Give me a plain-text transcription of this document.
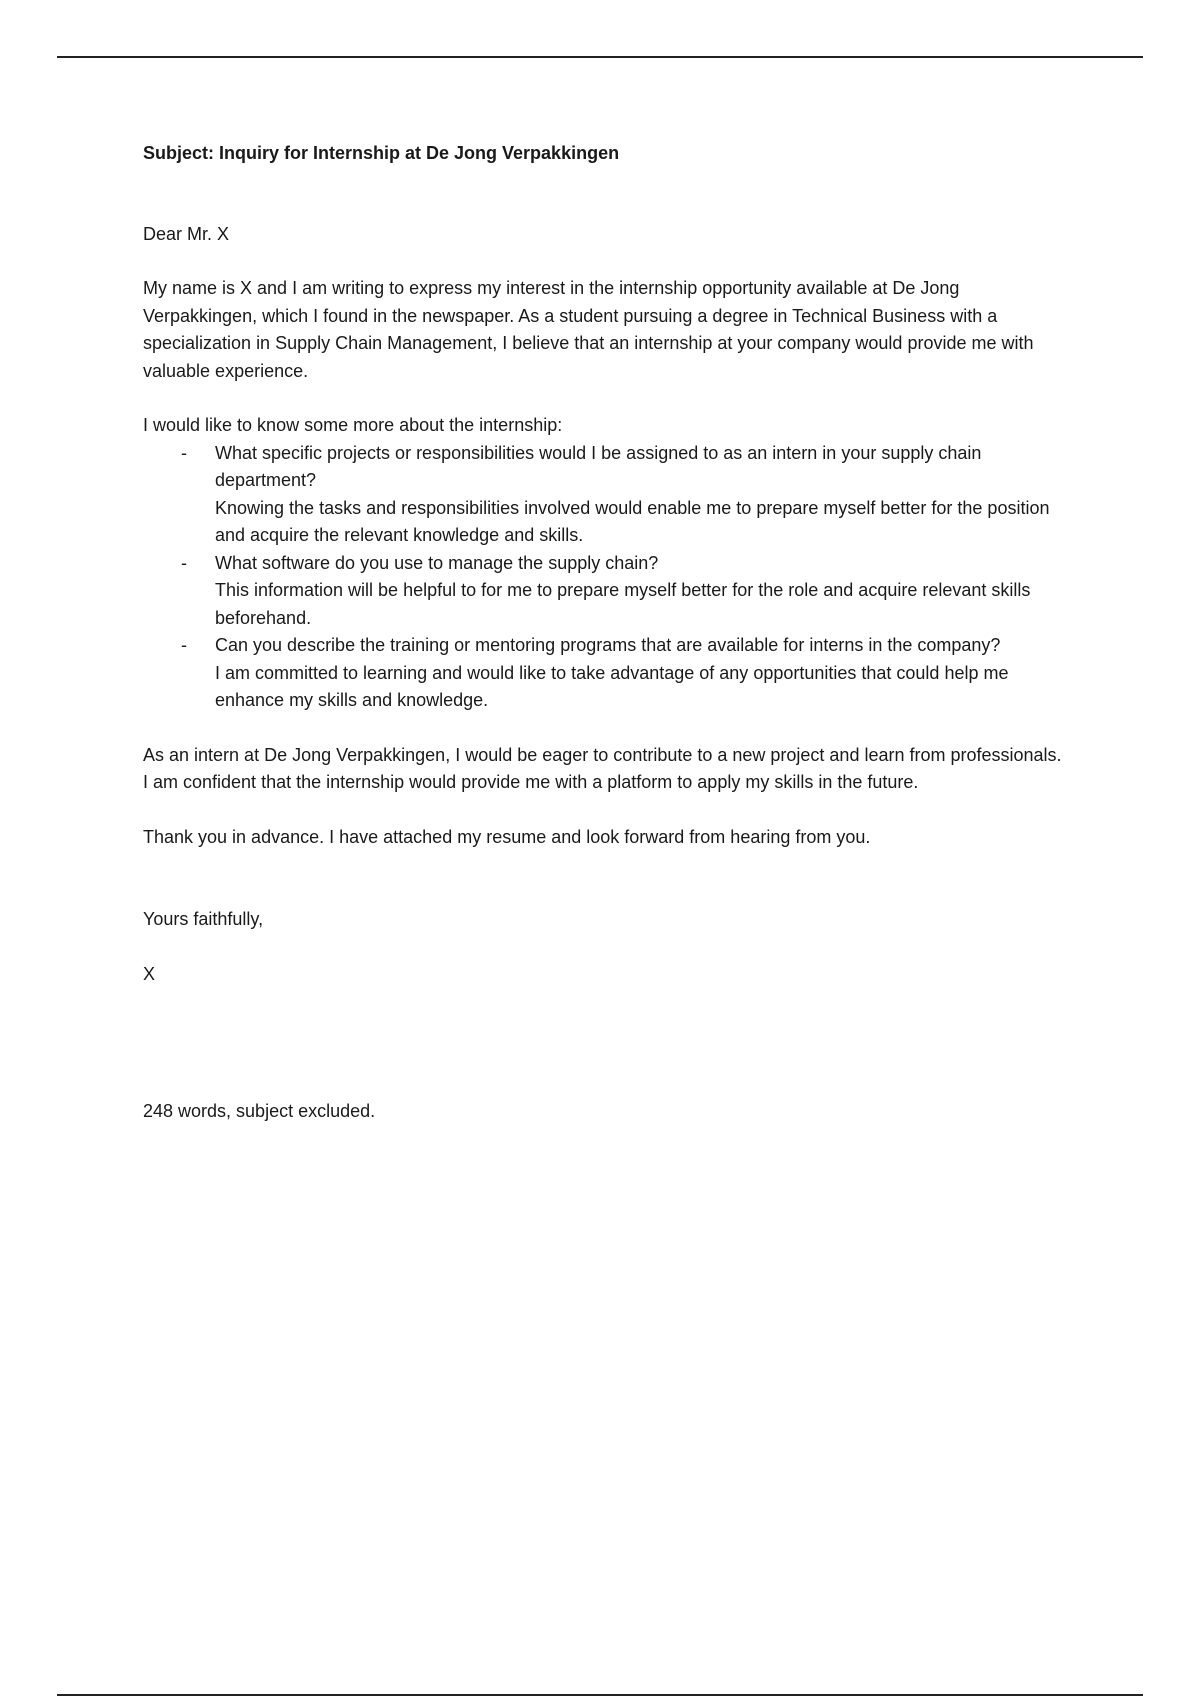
Subject: Inquiry for Internship at De Jong Verpakkingen

Dear Mr. X

My name is X and I am writing to express my interest in the internship opportunity available at De Jong Verpakkingen, which I found in the newspaper. As a student pursuing a degree in Technical Business with a specialization in Supply Chain Management, I believe that an internship at your company would provide me with valuable experience.

I would like to know some more about the internship:

- What specific projects or responsibilities would I be assigned to as an intern in your supply chain department?
Knowing the tasks and responsibilities involved would enable me to prepare myself better for the position and acquire the relevant knowledge and skills.
- What software do you use to manage the supply chain?
This information will be helpful to for me to prepare myself better for the role and acquire relevant skills beforehand.
- Can you describe the training or mentoring programs that are available for interns in the company?
I am committed to learning and would like to take advantage of any opportunities that could help me enhance my skills and knowledge.

As an intern at De Jong Verpakkingen, I would be eager to contribute to a new project and learn from professionals. I am confident that the internship would provide me with a platform to apply my skills in the future.

Thank you in advance. I have attached my resume and look forward from hearing from you.

Yours faithfully,

X

248 words, subject excluded.
